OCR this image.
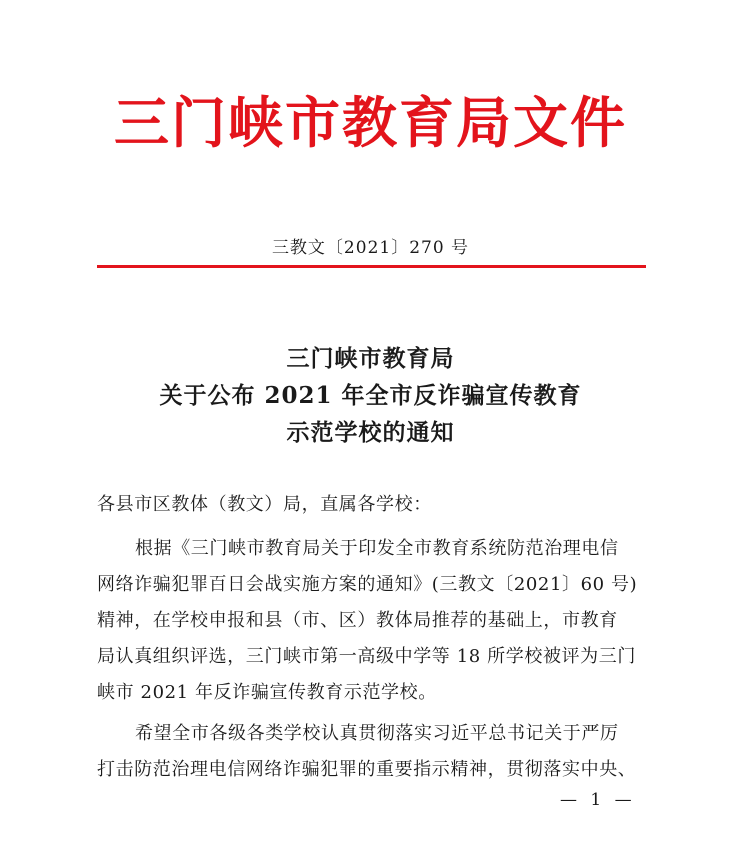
三门峡市教育局文件
三教文〔2021〕270 号
三门峡市教育局
关于公布 2021 年全市反诈骗宣传教育
示范学校的通知
各县市区教体（教文）局，直属各学校：
根据《三门峡市教育局关于印发全市教育系统防范治理电信
网络诈骗犯罪百日会战实施方案的通知》(三教文〔2021〕60 号)
精神，在学校申报和县（市、区）教体局推荐的基础上，市教育
局认真组织评选，三门峡市第一高级中学等 18 所学校被评为三门
峡市 2021 年反诈骗宣传教育示范学校。
希望全市各级各类学校认真贯彻落实习近平总书记关于严厉
打击防范治理电信网络诈骗犯罪的重要指示精神，贯彻落实中央、
— 1 —
